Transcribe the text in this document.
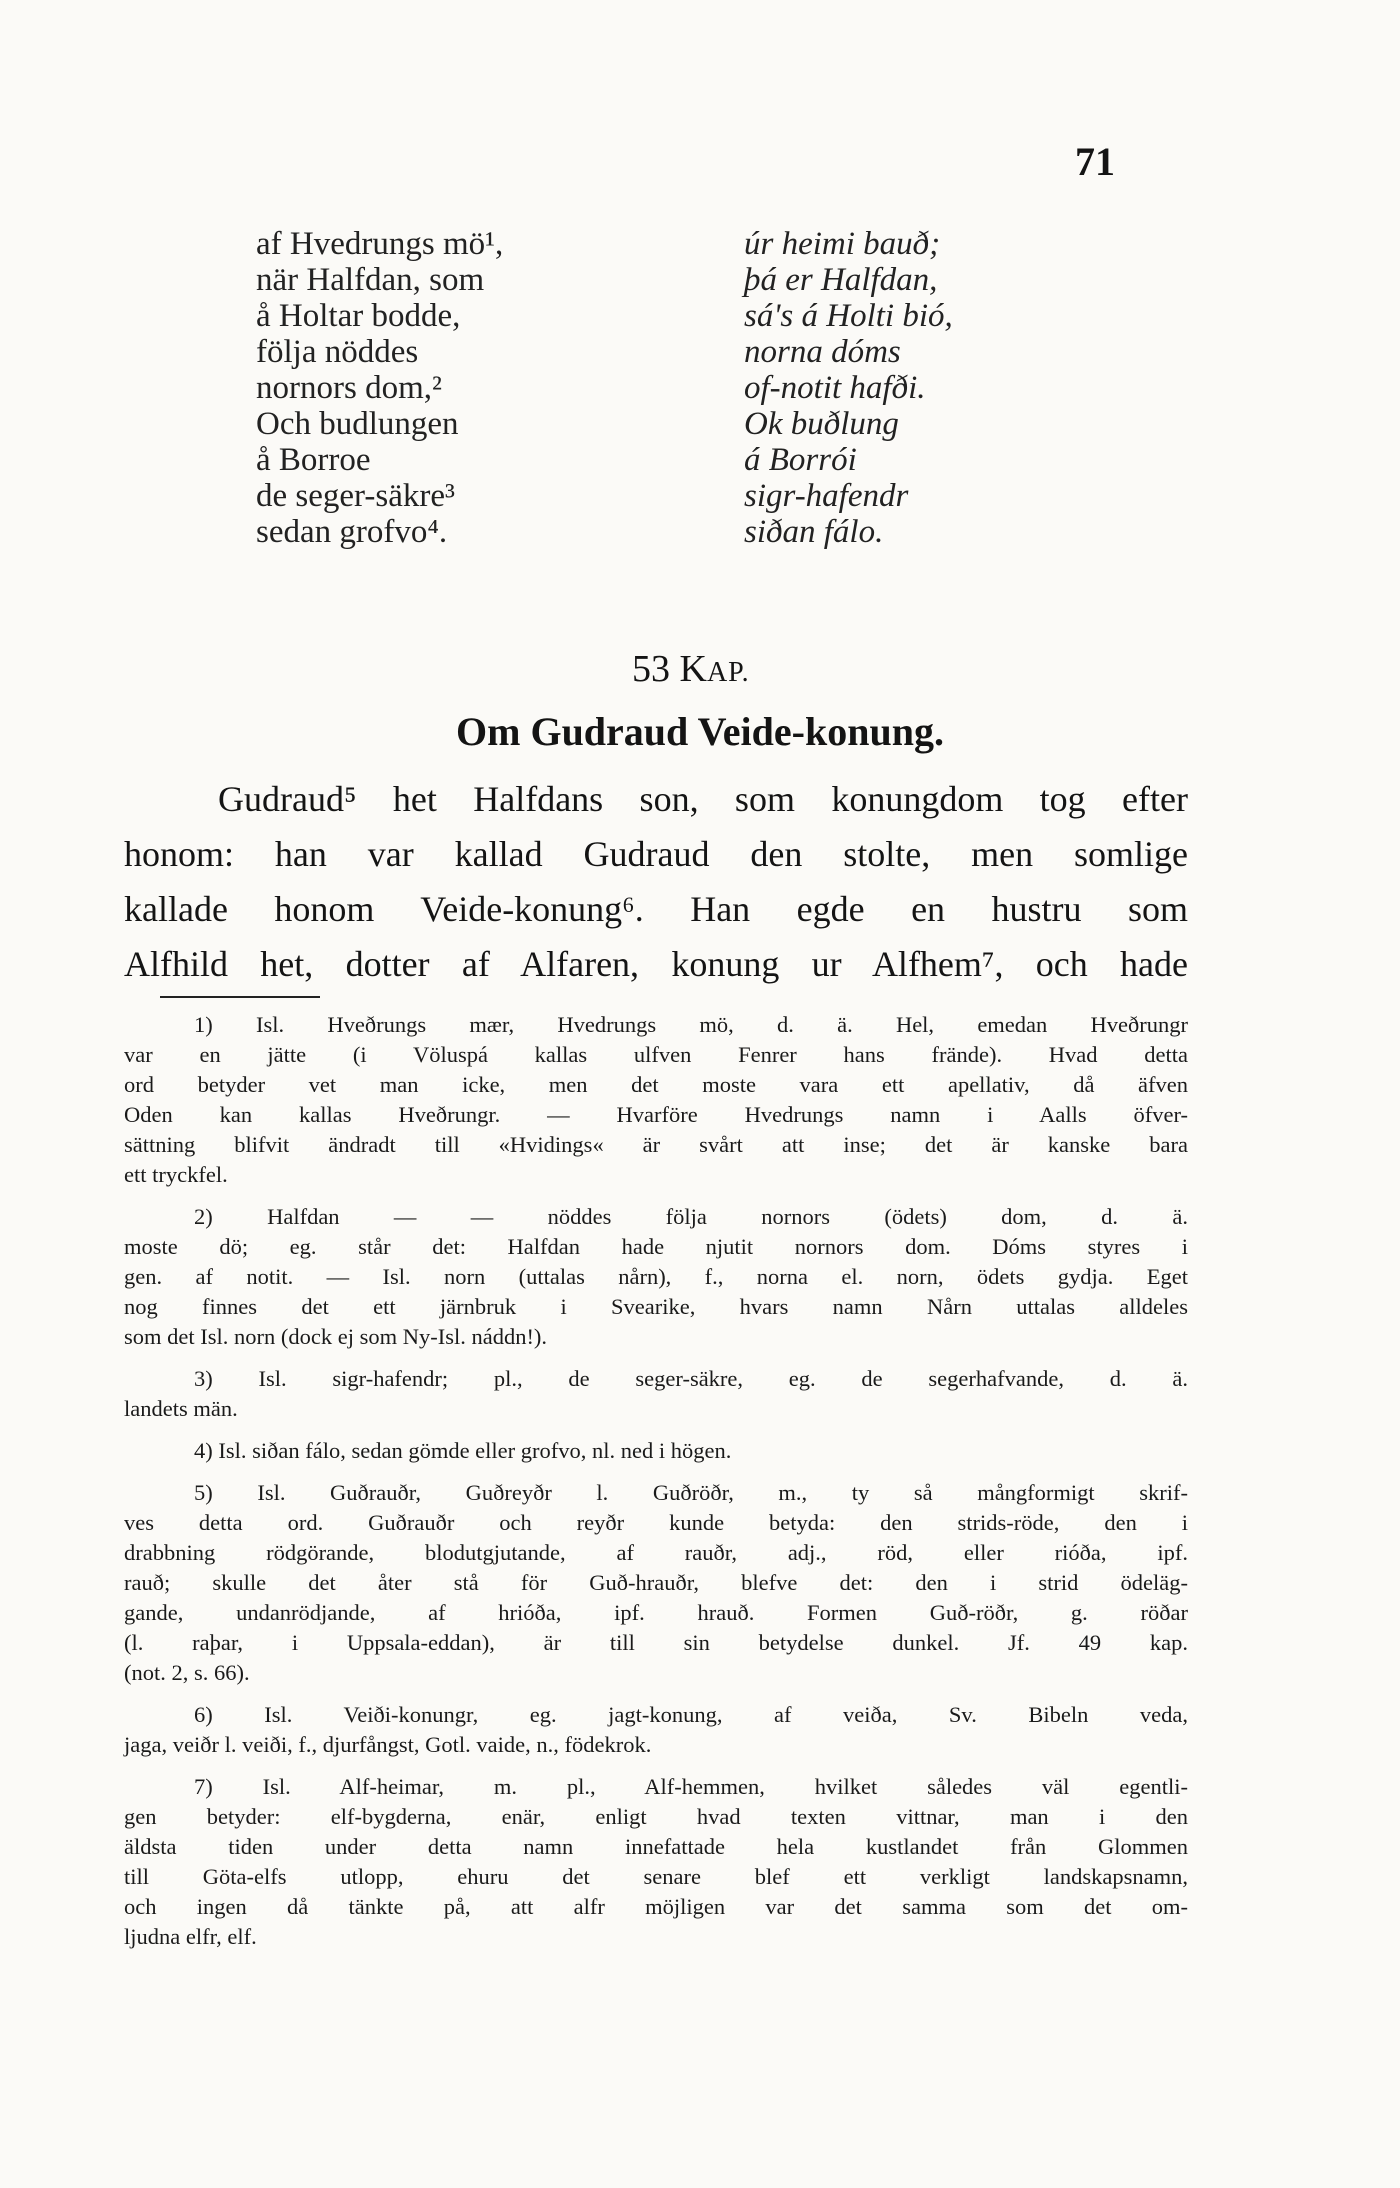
71
af Hvedrungs mö¹,
när Halfdan, som
å Holtar bodde,
följa nöddes
nornors dom,²
Och budlungen
å Borroe
de seger-säkre³
sedan grofvo⁴.
úr heimi bauð;
þá er Halfdan,
sá's á Holti bió,
norna dóms
of-notit hafði.
Ok buðlung
á Borrói
sigr-hafendr
siðan fálo.
53 KAP.
Om Gudraud Veide-konung.
Gudraud⁵ het Halfdans son, som konungdom tog efter
honom: han var kallad Gudraud den stolte, men somlige
kallade honom Veide-konung⁶. Han egde en hustru som
Alfhild het, dotter af Alfaren, konung ur Alfhem⁷, och hade
1) Isl. Hveðrungs mær, Hvedrungs mö, d. ä. Hel, emedan Hveðrungr
var en jätte (i Völuspá kallas ulfven Fenrer hans frände). Hvad detta
ord betyder vet man icke, men det moste vara ett apellativ, då äfven
Oden kan kallas Hveðrungr. — Hvarföre Hvedrungs namn i Aalls öfver-
sättning blifvit ändradt till «Hvidings« är svårt att inse; det är kanske bara
ett tryckfel.
2) Halfdan — — nöddes följa nornors (ödets) dom, d. ä.
moste dö; eg. står det: Halfdan hade njutit nornors dom. Dóms styres i
gen. af notit. — Isl. norn (uttalas nårn), f., norna el. norn, ödets gydja. Eget
nog finnes det ett järnbruk i Svearike, hvars namn Nårn uttalas alldeles
som det Isl. norn (dock ej som Ny-Isl. náddn!).
3) Isl. sigr-hafendr; pl., de seger-säkre, eg. de segerhafvande, d. ä.
landets män.
4) Isl. siðan fálo, sedan gömde eller grofvo, nl. ned i högen.
5) Isl. Guðrauðr, Guðreyðr l. Guðröðr, m., ty så mångformigt skrif-
ves detta ord. Guðrauðr och reyðr kunde betyda: den strids-röde, den i
drabbning rödgörande, blodutgjutande, af rauðr, adj., röd, eller rióða, ipf.
rauð; skulle det åter stå för Guð-hrauðr, blefve det: den i strid ödeläg-
gande, undanrödjande, af hrióða, ipf. hrauð. Formen Guð-röðr, g. röðar
(l. raþar, i Uppsala-eddan), är till sin betydelse dunkel. Jf. 49 kap.
(not. 2, s. 66).
6) Isl. Veiði-konungr, eg. jagt-konung, af veiða, Sv. Bibeln veda,
jaga, veiðr l. veiði, f., djurfångst, Gotl. vaide, n., födekrok.
7) Isl. Alf-heimar, m. pl., Alf-hemmen, hvilket således väl egentli-
gen betyder: elf-bygderna, enär, enligt hvad texten vittnar, man i den
äldsta tiden under detta namn innefattade hela kustlandet från Glommen
till Göta-elfs utlopp, ehuru det senare blef ett verkligt landskapsnamn,
och ingen då tänkte på, att alfr möjligen var det samma som det om-
ljudna elfr, elf.
